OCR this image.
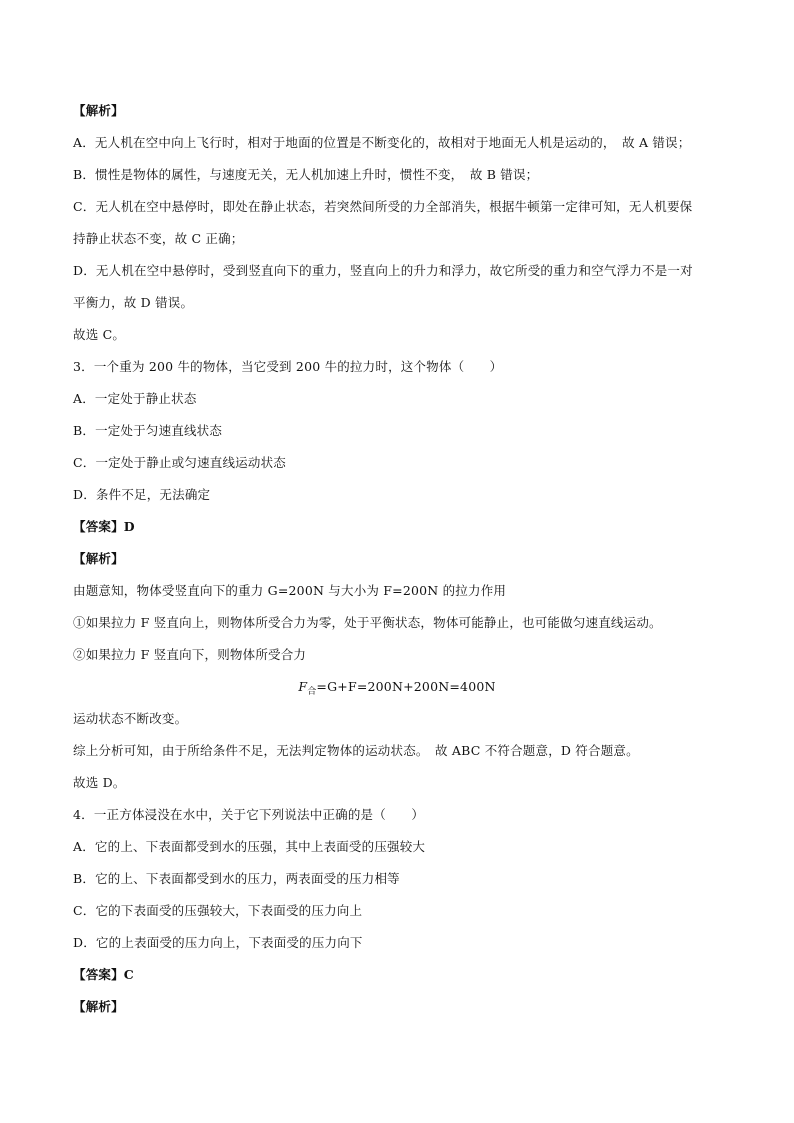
【解析】
A．无人机在空中向上飞行时，相对于地面的位置是不断变化的，故相对于地面无人机是运动的，　故 A 错误；
B．惯性是物体的属性，与速度无关，无人机加速上升时，惯性不变，　故 B 错误；
C．无人机在空中悬停时，即处在静止状态，若突然间所受的力全部消失，根据牛顿第一定律可知，无人机要保
持静止状态不变，故 C 正确；
D．无人机在空中悬停时，受到竖直向下的重力，竖直向上的升力和浮力，故它所受的重力和空气浮力不是一对
平衡力，故 D 错误。
故选 C。
3．一个重为 200 牛的物体，当它受到 200 牛的拉力时，这个物体（　　）
A．一定处于静止状态
B．一定处于匀速直线状态
C．一定处于静止或匀速直线运动状态
D．条件不足，无法确定
【答案】D
【解析】
由题意知，物体受竖直向下的重力 G=200N 与大小为 F=200N 的拉力作用
①如果拉力 F 竖直向上，则物体所受合力为零，处于平衡状态，物体可能静止，也可能做匀速直线运动。
②如果拉力 F 竖直向下，则物体所受合力
$F_合=G+F=200N+200N=400N$
运动状态不断改变。
综上分析可知，由于所给条件不足，无法判定物体的运动状态。　故 ABC 不符合题意，D 符合题意。
故选 D。
4．一正方体浸没在水中，关于它下列说法中正确的是（　　）
A．它的上、下表面都受到水的压强，其中上表面受的压强较大
B．它的上、下表面都受到水的压力，两表面受的压力相等
C．它的下表面受的压强较大，下表面受的压力向上
D．它的上表面受的压力向上，下表面受的压力向下
【答案】C
【解析】
